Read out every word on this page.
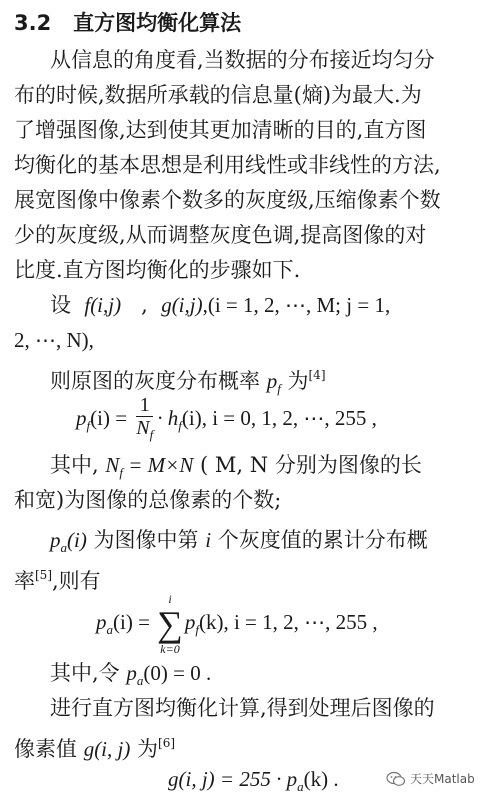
3.2 直方图均衡化算法
从信息的角度看,当数据的分布接近均匀分
布的时候,数据所承载的信息量(熵)为最大.为
了增强图像,达到使其更加清晰的目的,直方图
均衡化的基本思想是利用线性或非线性的方法,
展宽图像中像素个数多的灰度级,压缩像素个数
少的灰度级,从而调整灰度色调,提高图像的对
比度.直方图均衡化的步骤如下.
设 f(i,j) , g(i,j),(i = 1, 2, ⋯, M; j = 1,
2, ⋯, N),
则原图的灰度分布概率 $p_f$ 为[4]
$p_f(i) = \frac{1}{N_f} \cdot h_f(i)$, i = 0, 1, 2, ⋯, 255 ,
其中, $N_f = M\times N$ ( M, N 分别为图像的长
和宽)为图像的总像素的个数;
$p_a(i)$ 为图像中第 i 个灰度值的累计分布概
率[5],则有
$p_a(i)$ =
i
∑
k=0
$p_f(k)$, i = 1, 2, ⋯, 255 ,
其中,令 $p_a(0) = 0$ .
进行直方图均衡化计算,得到处理后图像的
像素值 g(i, j) 为[6]
g(i, $j) = 255 \cdot p_a(k)$ .	天天Matlab
